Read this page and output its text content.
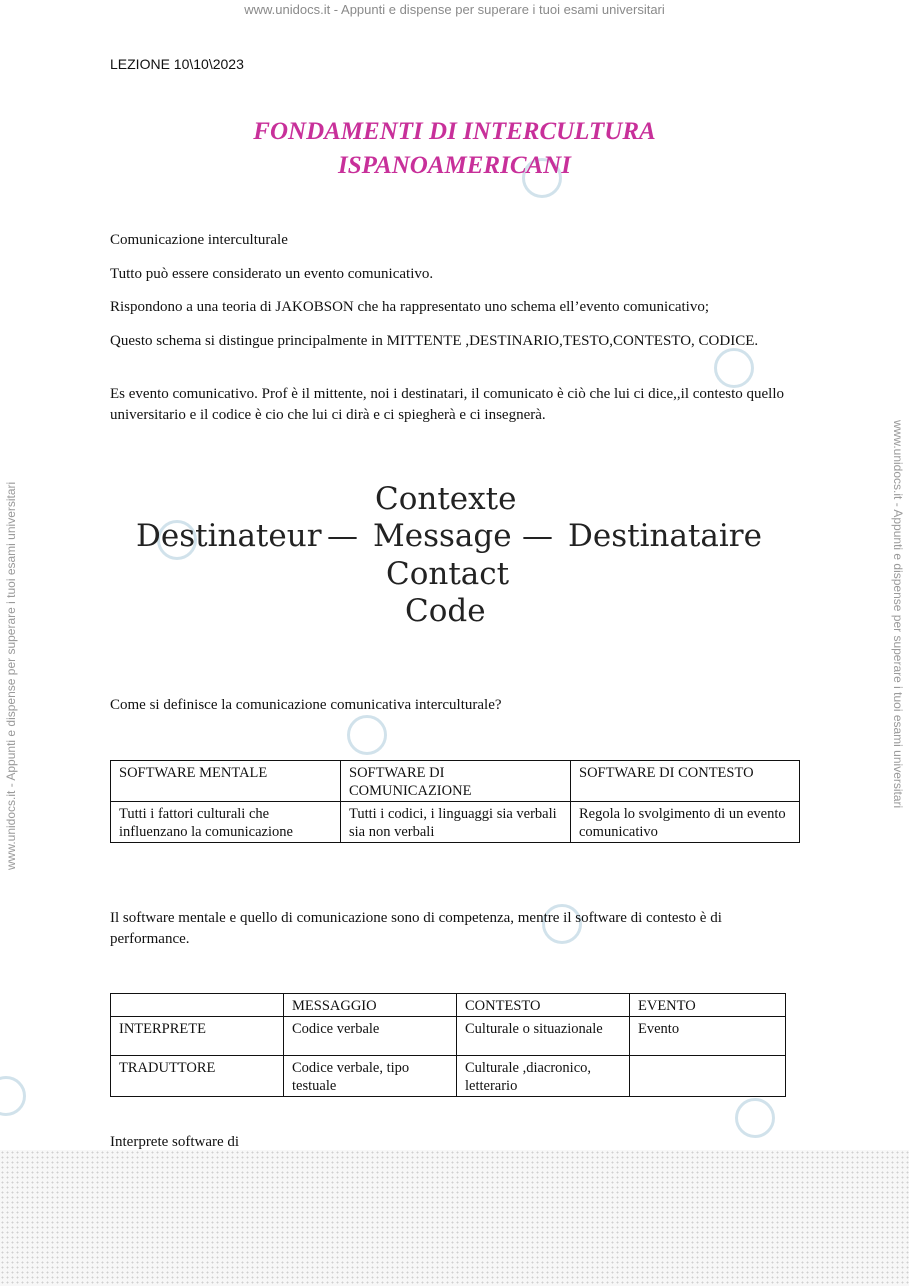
www.unidocs.it - Appunti e dispense per superare i tuoi esami universitari
www.unidocs.it - Appunti e dispense per superare i tuoi esami universitari	www.unidocs.it - Appunti e dispense per superare i tuoi esami universitari
LEZIONE 10\10\2023
FONDAMENTI DI INTERCULTURA
ISPANOAMERICANI
Comunicazione interculturale
Tutto può essere considerato un evento comunicativo.
Rispondono a una teoria di JAKOBSON che ha rappresentato uno schema ell’evento comunicativo;
Questo schema si distingue principalmente in MITTENTE ,DESTINARIO,TESTO,CONTESTO, CODICE.
Es evento comunicativo. Prof è il mittente, noi i destinatari, il comunicato è ciò che lui ci dice,,il contesto quello universitario e il codice è cio che lui ci dirà e ci spiegherà e ci insegnerà.
Contexte
Destinateur — Message — Destinataire
Contact
Code
Come si definisce la comunicazione comunicativa interculturale?
SOFTWARE MENTALE	SOFTWARE DI COMUNICAZIONE	SOFTWARE DI CONTESTO
Tutti i fattori culturali che influenzano la comunicazione	Tutti i codici, i linguaggi sia verbali sia non verbali	Regola lo svolgimento di un evento comunicativo
Il software mentale e quello di comunicazione sono di competenza, mentre il software di contesto è di performance.
	MESSAGGIO	CONTESTO	EVENTO
INTERPRETE	Codice verbale	Culturale o situazionale	Evento
TRADUTTORE	Codice verbale, tipo testuale	Culturale ,diacronico, letterario	
Interprete software di
